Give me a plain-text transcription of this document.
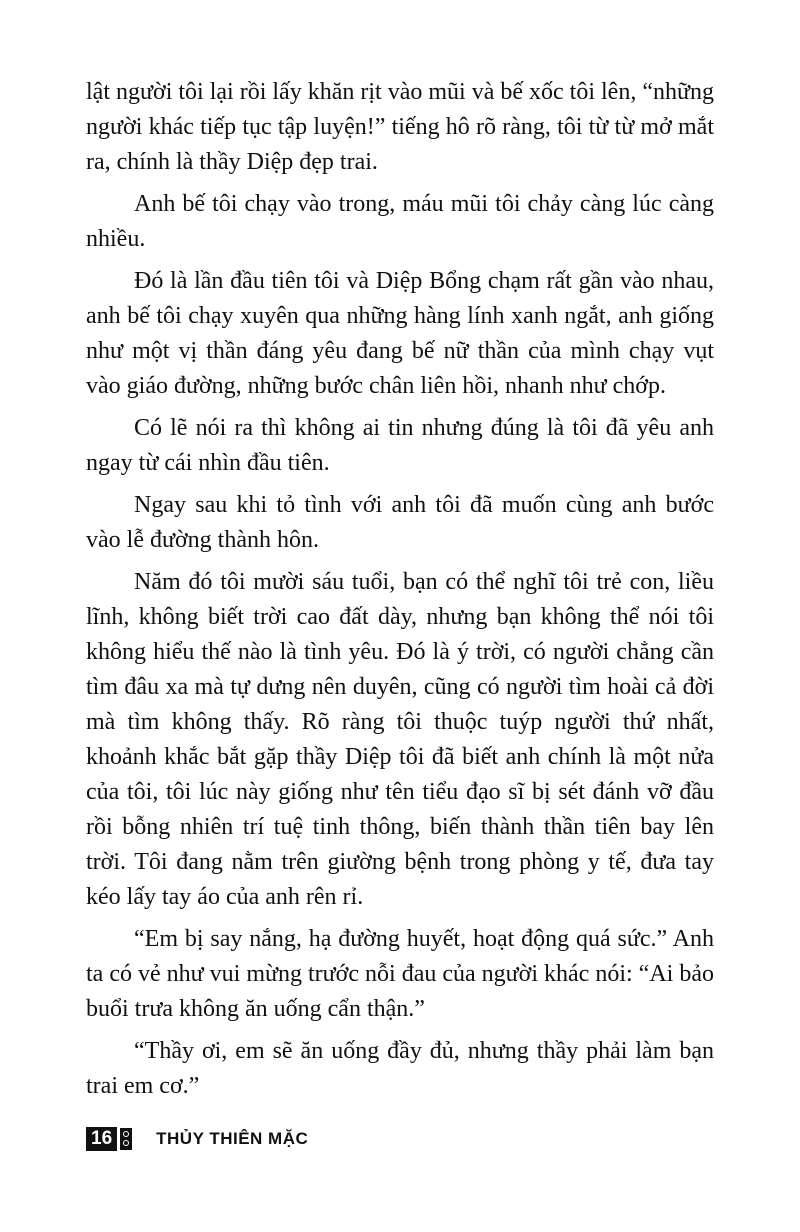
lật người tôi lại rồi lấy khăn rịt vào mũi và bế xốc tôi lên, “những người khác tiếp tục tập luyện!” tiếng hô rõ ràng, tôi từ từ mở mắt ra, chính là thầy Diệp đẹp trai.

Anh bế tôi chạy vào trong, máu mũi tôi chảy càng lúc càng nhiều.

Đó là lần đầu tiên tôi và Diệp Bổng chạm rất gần vào nhau, anh bế tôi chạy xuyên qua những hàng lính xanh ngắt, anh giống như một vị thần đáng yêu đang bế nữ thần của mình chạy vụt vào giáo đường, những bước chân liên hồi, nhanh như chớp.

Có lẽ nói ra thì không ai tin nhưng đúng là tôi đã yêu anh ngay từ cái nhìn đầu tiên.

Ngay sau khi tỏ tình với anh tôi đã muốn cùng anh bước vào lễ đường thành hôn.

Năm đó tôi mười sáu tuổi, bạn có thể nghĩ tôi trẻ con, liều lĩnh, không biết trời cao đất dày, nhưng bạn không thể nói tôi không hiểu thế nào là tình yêu. Đó là ý trời, có người chẳng cần tìm đâu xa mà tự dưng nên duyên, cũng có người tìm hoài cả đời mà tìm không thấy. Rõ ràng tôi thuộc tuýp người thứ nhất, khoảnh khắc bắt gặp thầy Diệp tôi đã biết anh chính là một nửa của tôi, tôi lúc này giống như tên tiểu đạo sĩ bị sét đánh vỡ đầu rồi bỗng nhiên trí tuệ tinh thông, biến thành thần tiên bay lên trời. Tôi đang nằm trên giường bệnh trong phòng y tế, đưa tay kéo lấy tay áo của anh rên rỉ.

“Em bị say nắng, hạ đường huyết, hoạt động quá sức.” Anh ta có vẻ như vui mừng trước nỗi đau của người khác nói: “Ai bảo buổi trưa không ăn uống cẩn thận.”

“Thầy ơi, em sẽ ăn uống đầy đủ, nhưng thầy phải làm bạn trai em cơ.”

16	THỦY THIÊN MẶC
